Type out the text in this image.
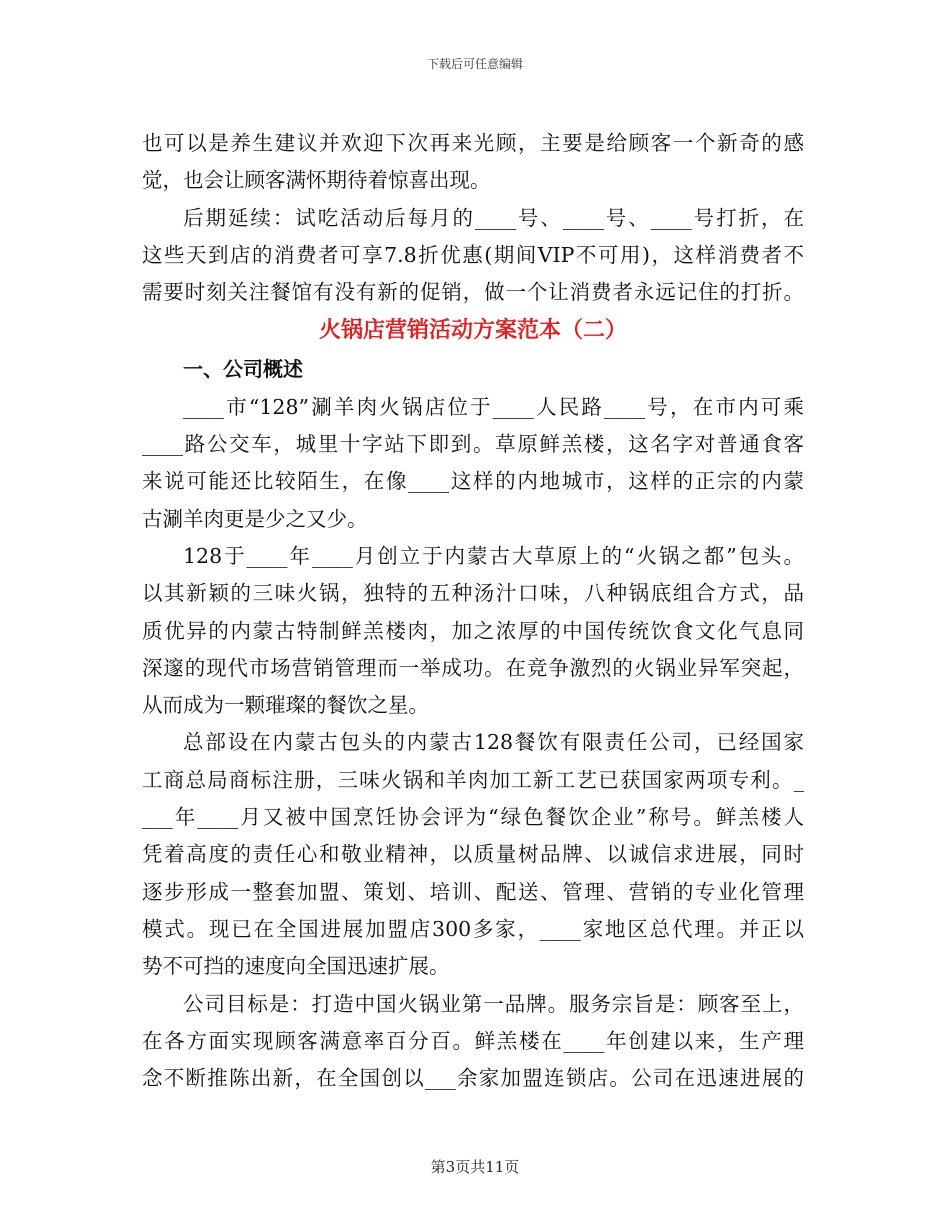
下载后可任意编辑
也可以是养生建议并欢迎下次再来光顾，主要是给顾客一个新奇的感
觉，也会让顾客满怀期待着惊喜出现。
后期延续：试吃活动后每月的____号、____号、____号打折，在
这些天到店的消费者可享7.8折优惠(期间VIP不可用)，这样消费者不
需要时刻关注餐馆有没有新的促销，做一个让消费者永远记住的打折。
火锅店营销活动方案范本（二）
一、公司概述
____市“128”涮羊肉火锅店位于____人民路____号，在市内可乘
____路公交车，城里十字站下即到。草原鲜羔楼，这名字对普通食客
来说可能还比较陌生，在像____这样的内地城市，这样的正宗的内蒙
古涮羊肉更是少之又少。
128于____年____月创立于内蒙古大草原上的“火锅之都”包头。
以其新颖的三味火锅，独特的五种汤汁口味，八种锅底组合方式，品
质优异的内蒙古特制鲜羔楼肉，加之浓厚的中国传统饮食文化气息同
深邃的现代市场营销管理而一举成功。在竞争激烈的火锅业异军突起，
从而成为一颗璀璨的餐饮之星。
总部设在内蒙古包头的内蒙古128餐饮有限责任公司，已经国家
工商总局商标注册，三味火锅和羊肉加工新工艺已获国家两项专利。_
___年____月又被中国烹饪协会评为“绿色餐饮企业”称号。鲜羔楼人
凭着高度的责任心和敬业精神，以质量树品牌、以诚信求进展，同时
逐步形成一整套加盟、策划、培训、配送、管理、营销的专业化管理
模式。现已在全国进展加盟店300多家，____家地区总代理。并正以
势不可挡的速度向全国迅速扩展。
公司目标是：打造中国火锅业第一品牌。服务宗旨是：顾客至上，
在各方面实现顾客满意率百分百。鲜羔楼在____年创建以来，生产理
念不断推陈出新，在全国创以___余家加盟连锁店。公司在迅速进展的
第3页共11页
